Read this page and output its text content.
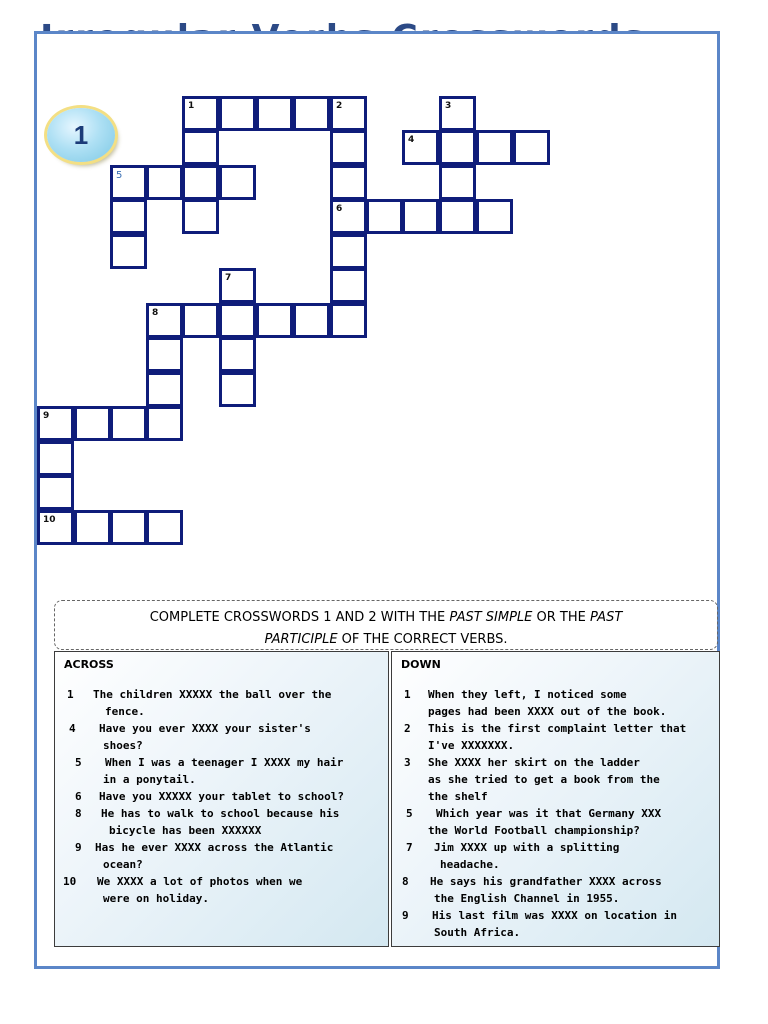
1	2	3
4
5
6
7
8
9
10
1
COMPLETE CROSSWORDS 1 AND 2 WITH THE PAST SIMPLE OR THE PAST
PARTICIPLE OF THE CORRECT VERBS.
ACROSS
1 The children XXXXX the ball over the
fence.
4 Have you ever XXXX your sister's
shoes?
5 When I was a teenager I XXXX my hair
in a ponytail.
6 Have you XXXXX your tablet to school?
8 He has to walk to school because his
bicycle has been XXXXXX
9 Has he ever XXXX across the Atlantic
ocean?
10 We XXXX a lot of photos when we
were on holiday.
DOWN
1 When they left, I noticed some
pages had been XXXX out of the book.
2 This is the first complaint letter that
I've XXXXXXX.
3 She XXXX her skirt on the ladder
as she tried to get a book from the
the shelf
5 Which year was it that Germany XXX
the World Football championship?
7 Jim XXXX up with a splitting
headache.
8 He says his grandfather XXXX across
the English Channel in 1955.
9 His last film was XXXX on location in
South Africa.
